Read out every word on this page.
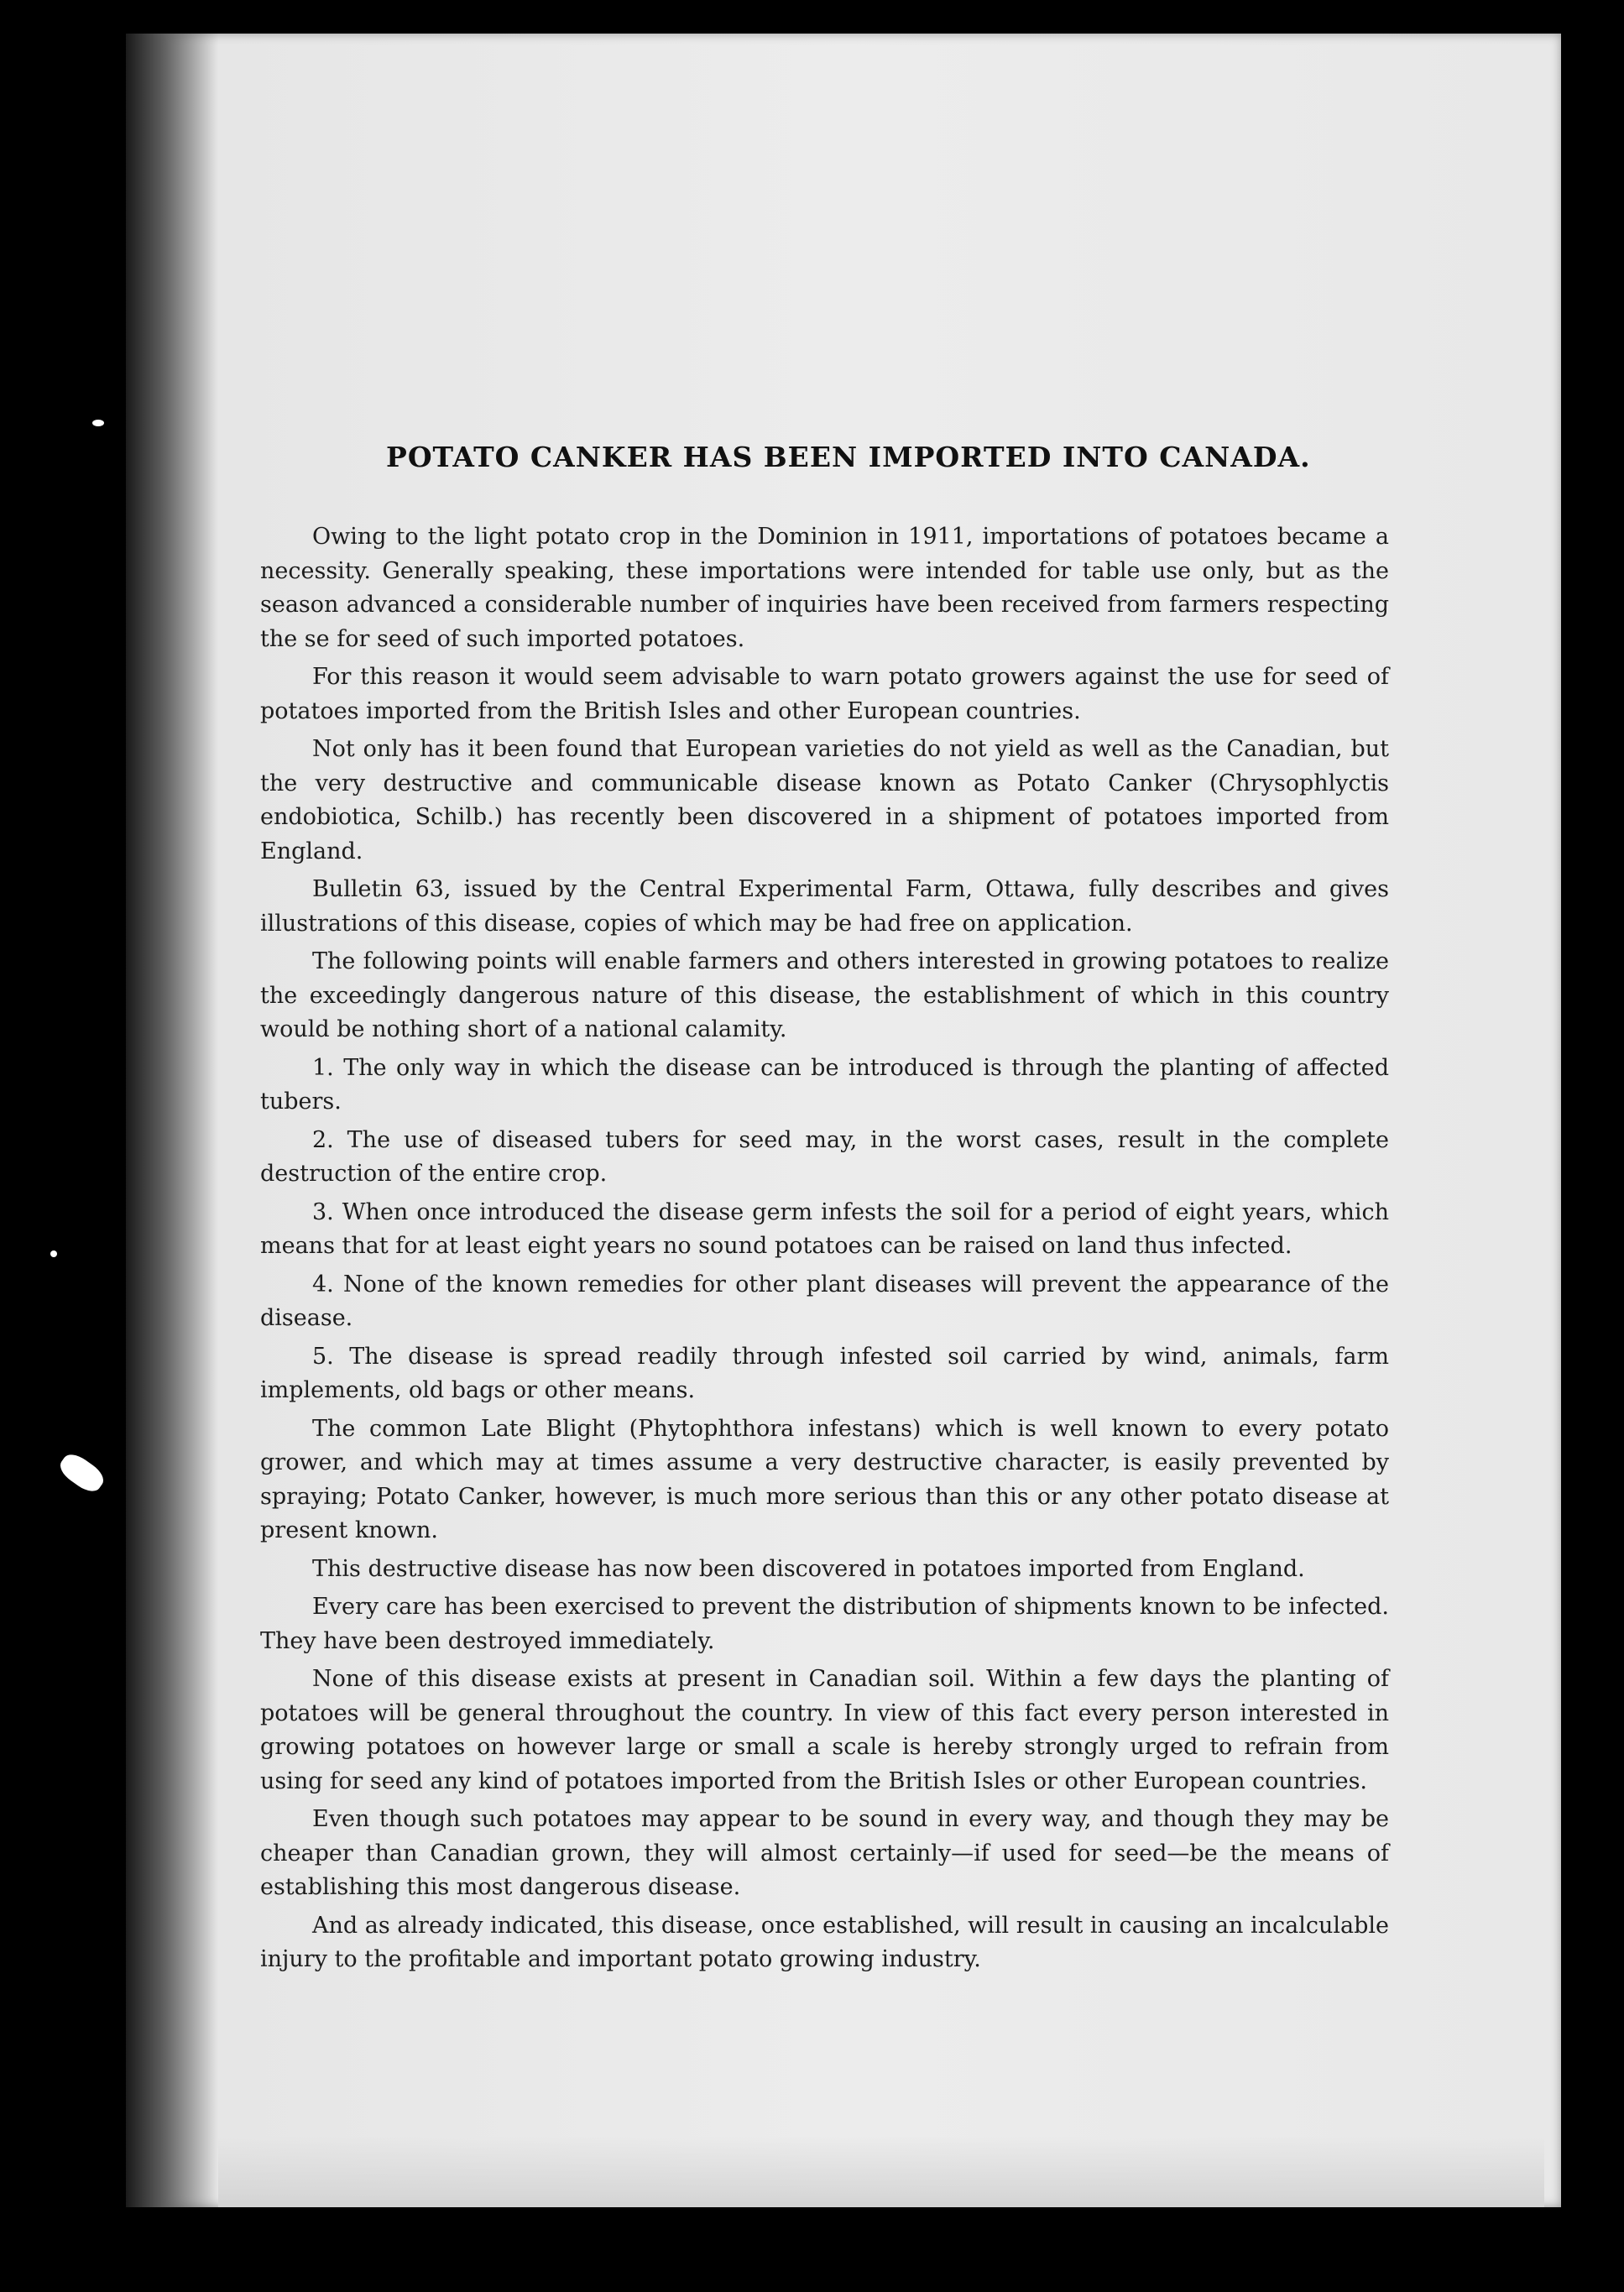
POTATO CANKER HAS BEEN IMPORTED INTO CANADA.

Owing to the light potato crop in the Dominion in 1911, importations of potatoes became a necessity. Generally speaking, these importations were intended for table use only, but as the season advanced a considerable number of inquiries have been received from farmers respecting the se for seed of such imported potatoes.

For this reason it would seem advisable to warn potato growers against the use for seed of potatoes imported from the British Isles and other European countries.

Not only has it been found that European varieties do not yield as well as the Canadian, but the very destructive and communicable disease known as Potato Canker (Chrysophlyctis endobiotica, Schilb.) has recently been discovered in a shipment of potatoes imported from England.

Bulletin 63, issued by the Central Experimental Farm, Ottawa, fully describes and gives illustrations of this disease, copies of which may be had free on application.

The following points will enable farmers and others interested in growing potatoes to realize the exceedingly dangerous nature of this disease, the establishment of which in this country would be nothing short of a national calamity.

1. The only way in which the disease can be introduced is through the planting of affected tubers.

2. The use of diseased tubers for seed may, in the worst cases, result in the complete destruction of the entire crop.

3. When once introduced the disease germ infests the soil for a period of eight years, which means that for at least eight years no sound potatoes can be raised on land thus infected.

4. None of the known remedies for other plant diseases will prevent the appearance of the disease.

5. The disease is spread readily through infested soil carried by wind, animals, farm implements, old bags or other means.

The common Late Blight (Phytophthora infestans) which is well known to every potato grower, and which may at times assume a very destructive character, is easily prevented by spraying; Potato Canker, however, is much more serious than this or any other potato disease at present known.

This destructive disease has now been discovered in potatoes imported from England.

Every care has been exercised to prevent the distribution of shipments known to be infected. They have been destroyed immediately.

None of this disease exists at present in Canadian soil. Within a few days the planting of potatoes will be general throughout the country. In view of this fact every person interested in growing potatoes on however large or small a scale is hereby strongly urged to refrain from using for seed any kind of potatoes imported from the British Isles or other European countries.

Even though such potatoes may appear to be sound in every way, and though they may be cheaper than Canadian grown, they will almost certainly—if used for seed—be the means of establishing this most dangerous disease.

And as already indicated, this disease, once established, will result in causing an incalculable injury to the profitable and important potato growing industry.
